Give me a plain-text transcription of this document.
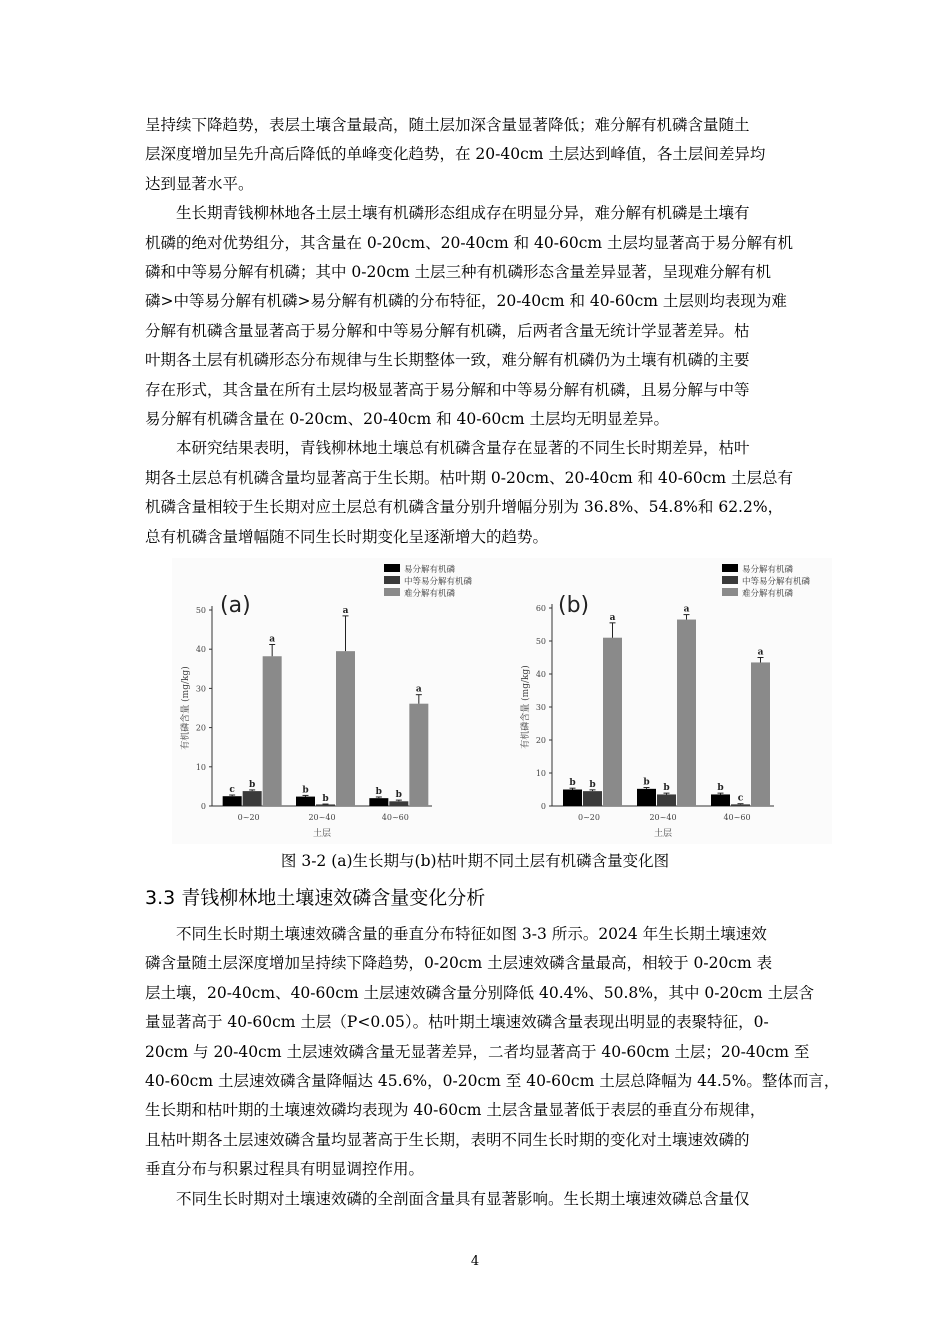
呈持续下降趋势，表层土壤含量最高，随土层加深含量显著降低；难分解有机磷含量随土
层深度增加呈先升高后降低的单峰变化趋势，在 20-40cm 土层达到峰值，各土层间差异均
达到显著水平。
　　生长期青钱柳林地各土层土壤有机磷形态组成存在明显分异，难分解有机磷是土壤有
机磷的绝对优势组分，其含量在 0-20cm、20-40cm 和 40-60cm 土层均显著高于易分解有机
磷和中等易分解有机磷；其中 0-20cm 土层三种有机磷形态含量差异显著，呈现难分解有机
磷>中等易分解有机磷>易分解有机磷的分布特征，20-40cm 和 40-60cm 土层则均表现为难
分解有机磷含量显著高于易分解和中等易分解有机磷，后两者含量无统计学显著差异。枯
叶期各土层有机磷形态分布规律与生长期整体一致，难分解有机磷仍为土壤有机磷的主要
存在形式，其含量在所有土层均极显著高于易分解和中等易分解有机磷，且易分解与中等
易分解有机磷含量在 0-20cm、20-40cm 和 40-60cm 土层均无明显差异。
　　本研究结果表明，青钱柳林地土壤总有机磷含量存在显著的不同生长时期差异，枯叶
期各土层总有机磷含量均显著高于生长期。枯叶期 0-20cm、20-40cm 和 40-60cm 土层总有
机磷含量相较于生长期对应土层总有机磷含量分别升增幅分别为 36.8%、54.8%和 62.2%，
总有机磷含量增幅随不同生长时期变化呈逐渐增大的趋势。
0
10
20
30
40
50
有机磷含量 (mg/kg)
(a)
c
b
a
0~20
b
b
a
20~40
b b
a
40~60
土层
易分解有机磷
中等易分解有机磷
难分解有机磷
0
10
20
30
40
50
60
有机磷含量 (mg/kg)
(b)
b b
a
0~20
b
b
a
20~40
b
c
a
40~60
土层
易分解有机磷
中等易分解有机磷
难分解有机磷
图 3-2 (a)生长期与(b)枯叶期不同土层有机磷含量变化图
3.3 青钱柳林地土壤速效磷含量变化分析
　　不同生长时期土壤速效磷含量的垂直分布特征如图 3-3 所示。2024 年生长期土壤速效
磷含量随土层深度增加呈持续下降趋势，0-20cm 土层速效磷含量最高，相较于 0-20cm 表
层土壤，20-40cm、40-60cm 土层速效磷含量分别降低 40.4%、50.8%，其中 0-20cm 土层含
量显著高于 40-60cm 土层（P<0.05）。枯叶期土壤速效磷含量表现出明显的表聚特征，0-
20cm 与 20-40cm 土层速效磷含量无显著差异，二者均显著高于 40-60cm 土层；20-40cm 至
40-60cm 土层速效磷含量降幅达 45.6%，0-20cm 至 40-60cm 土层总降幅为 44.5%。整体而言，
生长期和枯叶期的土壤速效磷均表现为 40-60cm 土层含量显著低于表层的垂直分布规律，
且枯叶期各土层速效磷含量均显著高于生长期，表明不同生长时期的变化对土壤速效磷的
垂直分布与积累过程具有明显调控作用。
　　不同生长时期对土壤速效磷的全剖面含量具有显著影响。生长期土壤速效磷总含量仅
4
